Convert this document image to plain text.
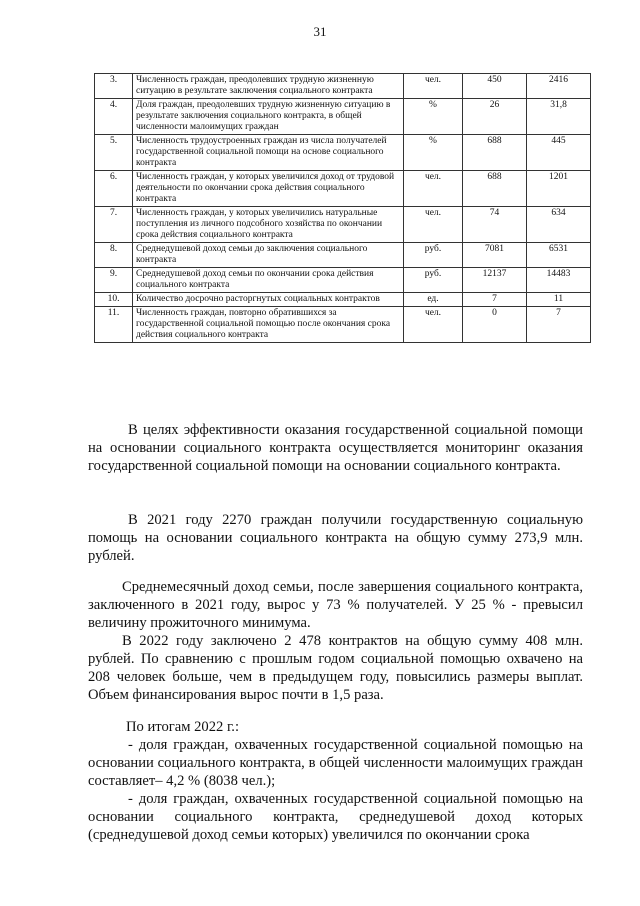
31
3.	Численность граждан, преодолевших трудную жизненную ситуацию в результате заключения социального контракта	чел.	450	2416
4.	Доля граждан, преодолевших трудную жизненную ситуацию в результате заключения социального контракта, в общей численности малоимущих граждан	%	26	31,8
5.	Численность трудоустроенных граждан из числа получателей государственной социальной помощи на основе социального контракта	%	688	445
6.	Численность граждан, у которых увеличился доход от трудовой деятельности по окончании срока действия социального контракта	чел.	688	1201
7.	Численность граждан, у которых увеличились натуральные поступления из личного подсобного хозяйства по окончании срока действия социального контракта	чел.	74	634
8.	Среднедушевой доход семьи до заключения социального контракта	руб.	7081	6531
9.	Среднедушевой доход семьи по окончании срока действия социального контракта	руб.	12137	14483
10.	Количество досрочно расторгнутых социальных контрактов	ед.	7	11
11.	Численность граждан, повторно обратившихся за государственной социальной помощью после окончания срока действия социального контракта	чел.	0	7
В целях эффективности оказания государственной социальной помощи на основании социального контракта осуществляется мониторинг оказания государственной социальной помощи на основании социального контракта.
В 2021 году 2270 граждан получили государственную социальную помощь на основании социального контракта на общую сумму 273,9 млн. рублей.
Среднемесячный доход семьи, после завершения социального контракта, заключенного в 2021 году, вырос у 73 % получателей. У 25 % - превысил величину прожиточного минимума.
В 2022 году заключено 2 478 контрактов на общую сумму 408 млн. рублей. По сравнению с прошлым годом социальной помощью охвачено на 208 человек больше, чем в предыдущем году, повысились размеры выплат. Объем финансирования вырос почти в 1,5 раза.
По итогам 2022 г.:
- доля граждан, охваченных государственной социальной помощью на основании социального контракта, в общей численности малоимущих граждан составляет– 4,2 % (8038 чел.);
- доля граждан, охваченных государственной социальной помощью на основании социального контракта, среднедушевой доход которых (среднедушевой доход семьи которых) увеличился по окончании срока
